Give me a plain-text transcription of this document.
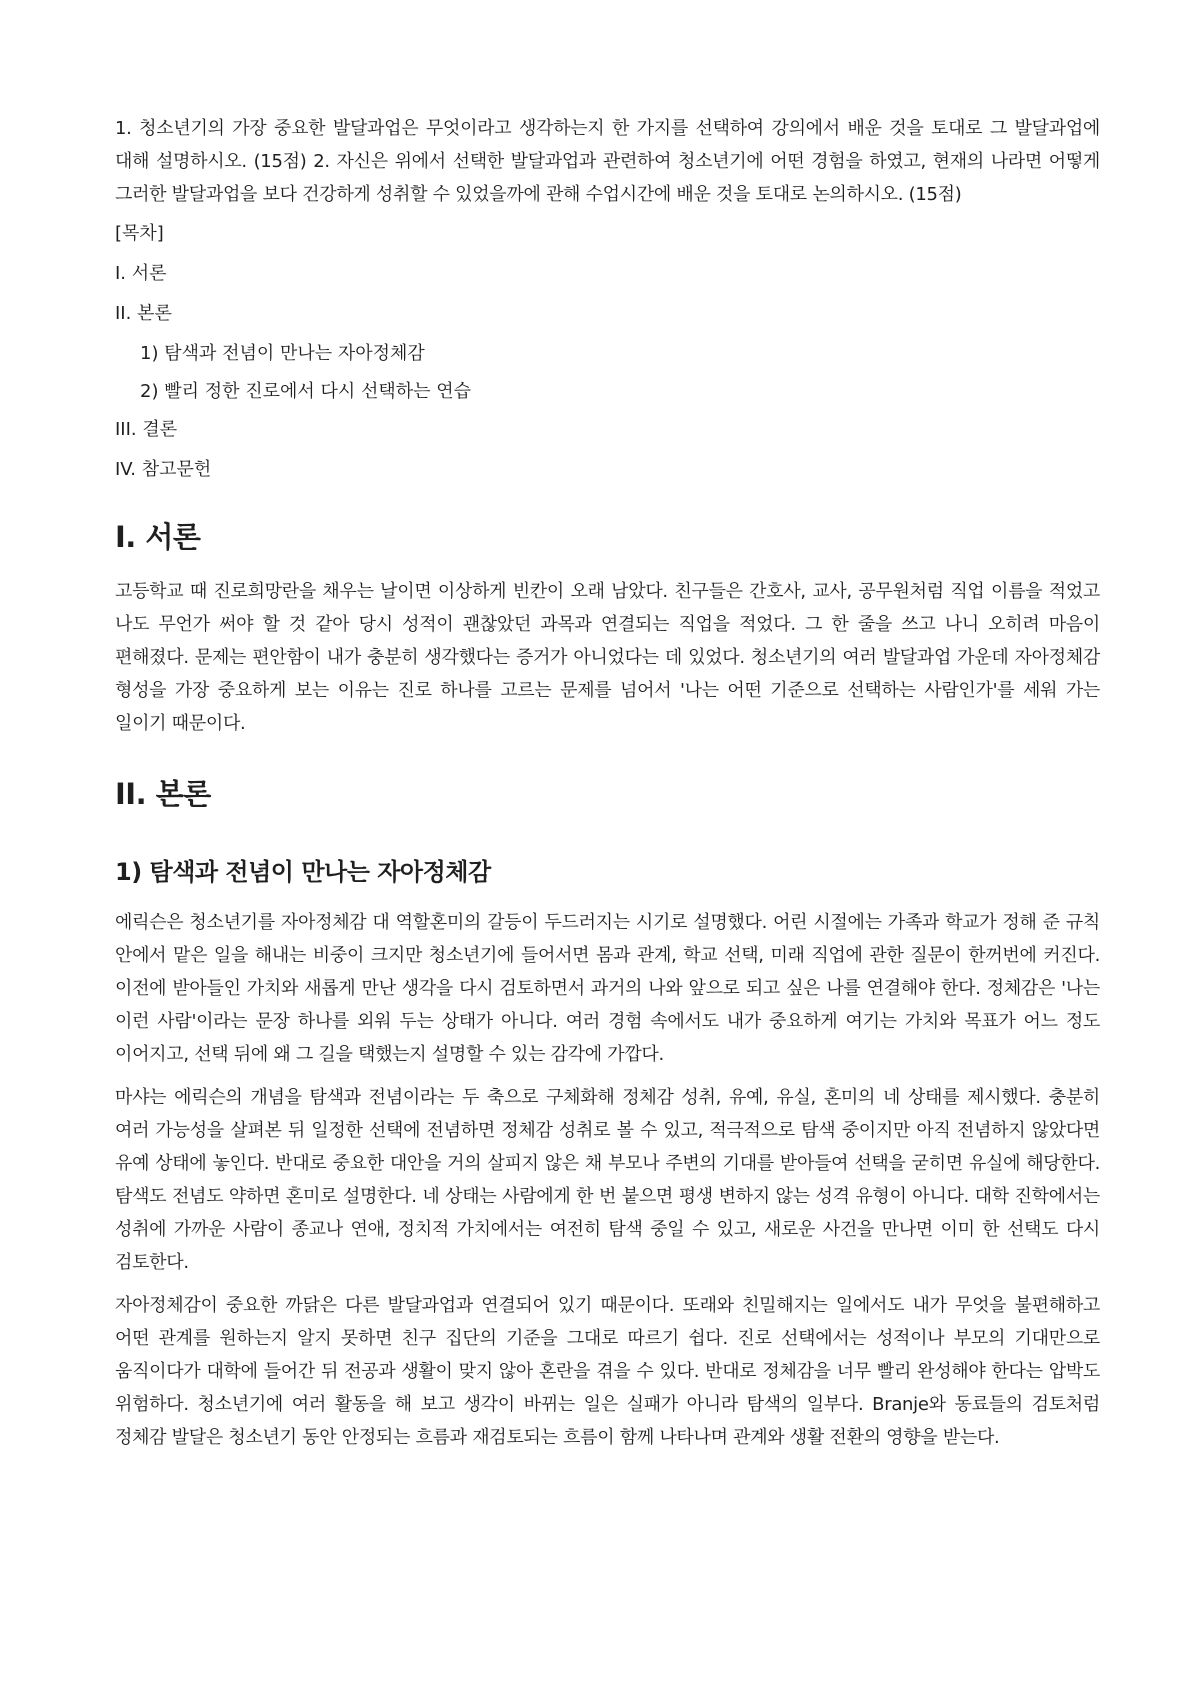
1. 청소년기의 가장 중요한 발달과업은 무엇이라고 생각하는지 한 가지를 선택하여 강의에서 배운 것을 토대로 그 발달과업에 대해 설명하시오. (15점) 2. 자신은 위에서 선택한 발달과업과 관련하여 청소년기에 어떤 경험을 하였고, 현재의 나라면 어떻게 그러한 발달과업을 보다 건강하게 성취할 수 있었을까에 관해 수업시간에 배운 것을 토대로 논의하시오. (15점)

[목차]

I. 서론

II. 본론

1) 탐색과 전념이 만나는 자아정체감

2) 빨리 정한 진로에서 다시 선택하는 연습

III. 결론

IV. 참고문헌

I. 서론

고등학교 때 진로희망란을 채우는 날이면 이상하게 빈칸이 오래 남았다. 친구들은 간호사, 교사, 공무원처럼 직업 이름을 적었고 나도 무언가 써야 할 것 같아 당시 성적이 괜찮았던 과목과 연결되는 직업을 적었다. 그 한 줄을 쓰고 나니 오히려 마음이 편해졌다. 문제는 편안함이 내가 충분히 생각했다는 증거가 아니었다는 데 있었다. 청소년기의 여러 발달과업 가운데 자아정체감 형성을 가장 중요하게 보는 이유는 진로 하나를 고르는 문제를 넘어서 '나는 어떤 기준으로 선택하는 사람인가'를 세워 가는 일이기 때문이다.

II. 본론
1) 탐색과 전념이 만나는 자아정체감

에릭슨은 청소년기를 자아정체감 대 역할혼미의 갈등이 두드러지는 시기로 설명했다. 어린 시절에는 가족과 학교가 정해 준 규칙 안에서 맡은 일을 해내는 비중이 크지만 청소년기에 들어서면 몸과 관계, 학교 선택, 미래 직업에 관한 질문이 한꺼번에 커진다. 이전에 받아들인 가치와 새롭게 만난 생각을 다시 검토하면서 과거의 나와 앞으로 되고 싶은 나를 연결해야 한다. 정체감은 '나는 이런 사람'이라는 문장 하나를 외워 두는 상태가 아니다. 여러 경험 속에서도 내가 중요하게 여기는 가치와 목표가 어느 정도 이어지고, 선택 뒤에 왜 그 길을 택했는지 설명할 수 있는 감각에 가깝다.

마샤는 에릭슨의 개념을 탐색과 전념이라는 두 축으로 구체화해 정체감 성취, 유예, 유실, 혼미의 네 상태를 제시했다. 충분히 여러 가능성을 살펴본 뒤 일정한 선택에 전념하면 정체감 성취로 볼 수 있고, 적극적으로 탐색 중이지만 아직 전념하지 않았다면 유예 상태에 놓인다. 반대로 중요한 대안을 거의 살피지 않은 채 부모나 주변의 기대를 받아들여 선택을 굳히면 유실에 해당한다. 탐색도 전념도 약하면 혼미로 설명한다. 네 상태는 사람에게 한 번 붙으면 평생 변하지 않는 성격 유형이 아니다. 대학 진학에서는 성취에 가까운 사람이 종교나 연애, 정치적 가치에서는 여전히 탐색 중일 수 있고, 새로운 사건을 만나면 이미 한 선택도 다시 검토한다.

자아정체감이 중요한 까닭은 다른 발달과업과 연결되어 있기 때문이다. 또래와 친밀해지는 일에서도 내가 무엇을 불편해하고 어떤 관계를 원하는지 알지 못하면 친구 집단의 기준을 그대로 따르기 쉽다. 진로 선택에서는 성적이나 부모의 기대만으로 움직이다가 대학에 들어간 뒤 전공과 생활이 맞지 않아 혼란을 겪을 수 있다. 반대로 정체감을 너무 빨리 완성해야 한다는 압박도 위험하다. 청소년기에 여러 활동을 해 보고 생각이 바뀌는 일은 실패가 아니라 탐색의 일부다. Branje와 동료들의 검토처럼 정체감 발달은 청소년기 동안 안정되는 흐름과 재검토되는 흐름이 함께 나타나며 관계와 생활 전환의 영향을 받는다.
